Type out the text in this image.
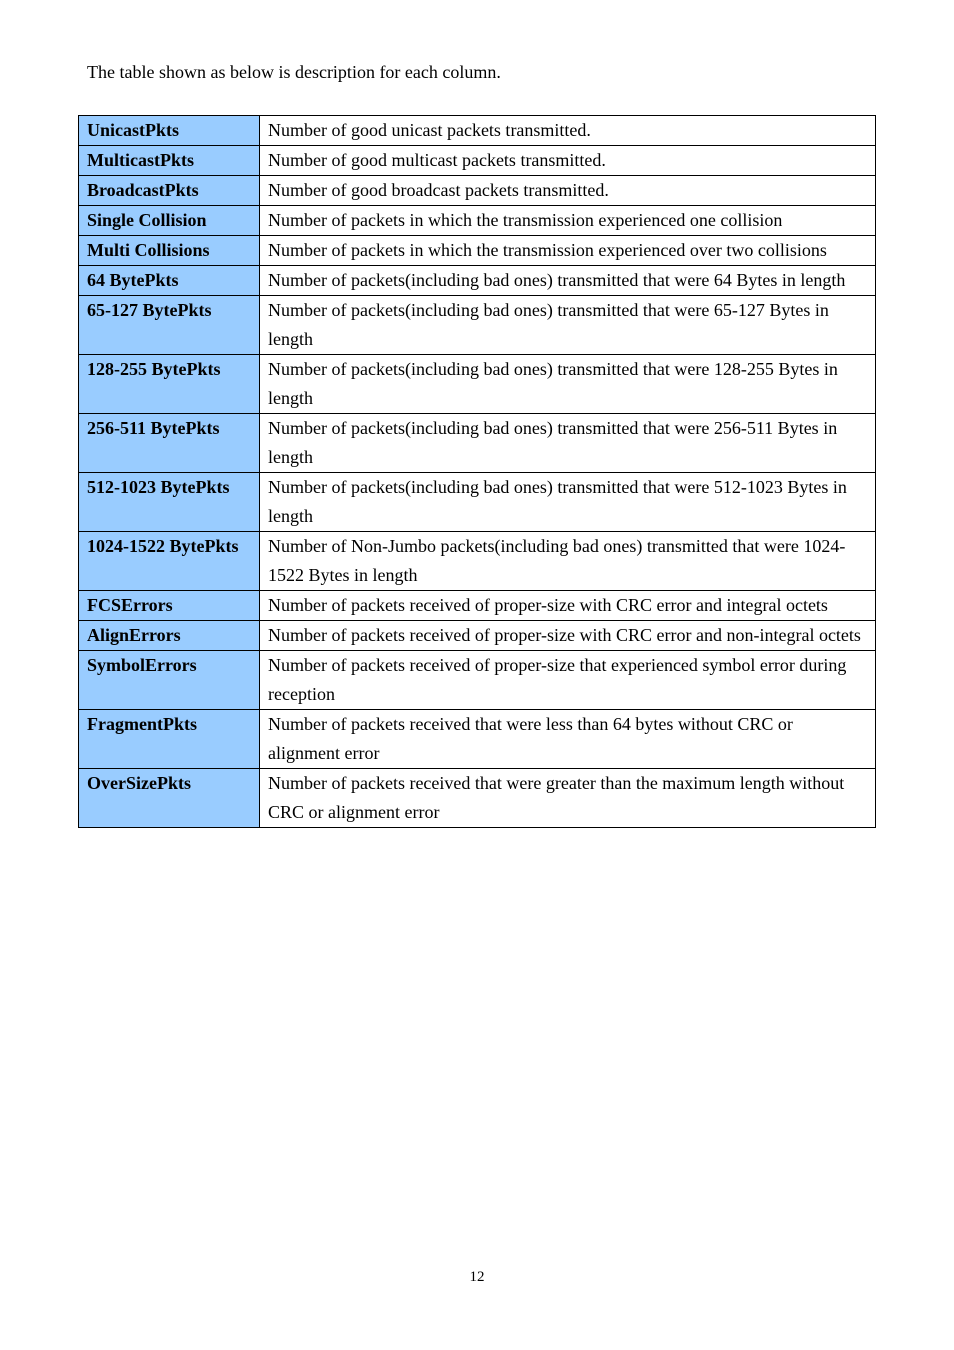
The table shown as below is description for each column.

UnicastPkts	Number of good unicast packets transmitted.
MulticastPkts	Number of good multicast packets transmitted.
BroadcastPkts	Number of good broadcast packets transmitted.
Single Collision	Number of packets in which the transmission experienced one collision
Multi Collisions	Number of packets in which the transmission experienced over two collisions
64 BytePkts	Number of packets(including bad ones) transmitted that were 64 Bytes in length
65-127 BytePkts	Number of packets(including bad ones) transmitted that were 65-127 Bytes in length
128-255 BytePkts	Number of packets(including bad ones) transmitted that were 128-255 Bytes in length
256-511 BytePkts	Number of packets(including bad ones) transmitted that were 256-511 Bytes in length
512-1023 BytePkts	Number of packets(including bad ones) transmitted that were 512-1023 Bytes in length
1024-1522 BytePkts	Number of Non-Jumbo packets(including bad ones) transmitted that were 1024-1522 Bytes in length
FCSErrors	Number of packets received of proper-size with CRC error and integral octets
AlignErrors	Number of packets received of proper-size with CRC error and non-integral octets
SymbolErrors	Number of packets received of proper-size that experienced symbol error during reception
FragmentPkts	Number of packets received that were less than 64 bytes without CRC or alignment error
OverSizePkts	Number of packets received that were greater than the maximum length without CRC or alignment error
12
